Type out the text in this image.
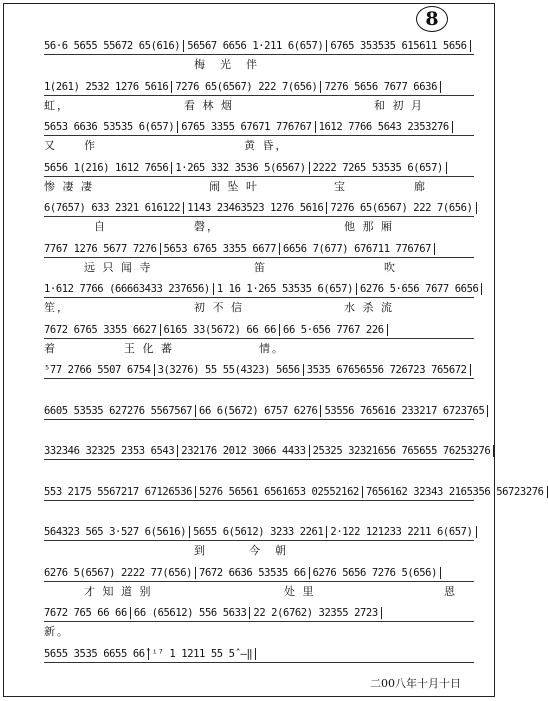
8
56·6 5655 55672 65(616) 56567 6656 1·211 6(657) 6765 353535 615611 5656
梅　光　伴
1(261) 2532 1276 5616 7276 65(6567) 222 7(656) 7276 5656 7677 6636
虹，	看 林 烟	和 初 月
5653 6636 53535 6(657) 6765 3355 67671 776767 1612 7766 5643 2353276
又 作	黄 昏，
5656 1(216) 1612 7656 1·265 332 3536 5(6567) 2222 7265 53535 6(657)
惨 凄 凄	闹 坠 叶	宝	廊
6(7657) 633 2321 616122 1143 23463523 1276 5616 7276 65(6567) 222 7(656)
自	磬，	他 那 厢
7767 1276 5677 7276 5653 6765 3355 6677 6656 7(677) 676711 776767
远 只 闻 寺	笛	吹
1·612 7766 (66663433 237656) 1 16 1·265 53535 6(657) 6276 5·656 7677 6656
笙，	初 不 信	水 杀 流
7672 6765 3355 6627 6165 33(5672) 66 66 66 5·656 7767 226
着	王 化 蕃	情。
⁵77 2766 5507 6754 3(3276) 55 55(4323) 5656 3535 67656556 726723 765672
6605 53535 627276 5567567 66 6(5672) 6757 6276 53556 765616 233217 6723765
332346 32325 2353 6543 232176 2012 3066 4433 25325 32321656 765655 76253276
553 2175 5567217 67126536 5276 56561 6561653 02552162 7656162 32343 2165356 56723276
564323 565 3·527 6(5616) 5655 6(5612) 3233 2261 2·122 121233 2211 6(657)
到	今　朝
6276 5(6567) 2222 77(656) 7672 6636 53535 66 6276 5656 7276 5(656)
才 知 道 别	处 里	恩
7672 765 66 66 66 (65612) 556 5633 22 2(6762) 32355 2723
新。
5655 3535 6655 66̂ ⁱ⁷ 1 1211 55 5̂ –‖
二00八年十月十日
